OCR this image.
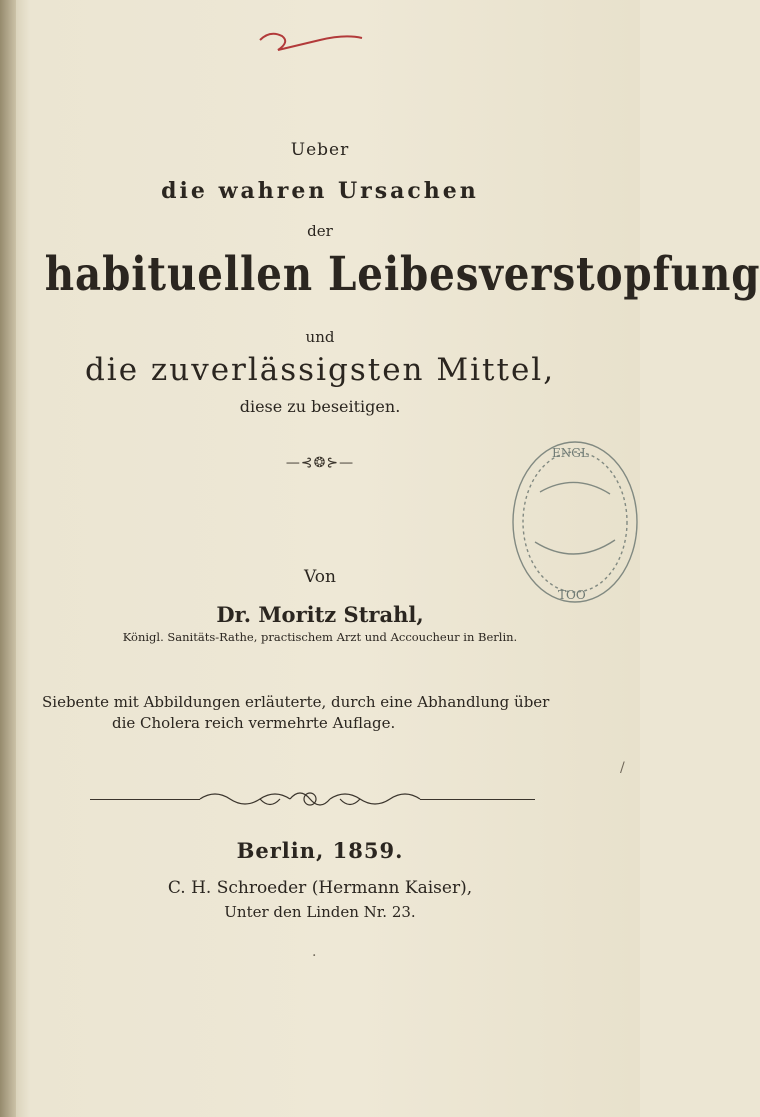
Ueber
die wahren Ursachen
der
habituellen Leibesverstopfung
und
die zuverlässigsten Mittel,
diese zu beseitigen.
—⊰❂⊱—
Von
Dr. Moritz Strahl,
Königl. Sanitäts-Rathe, practischem Arzt und Accoucheur in Berlin.
Siebente mit Abbildungen erläuterte, durch eine Abhandlung über
die Cholera reich vermehrte Auflage.
Berlin, 1859.
C. H. Schroeder (Hermann Kaiser),
Unter den Linden Nr. 23.
ENGL
TOO
/
·
